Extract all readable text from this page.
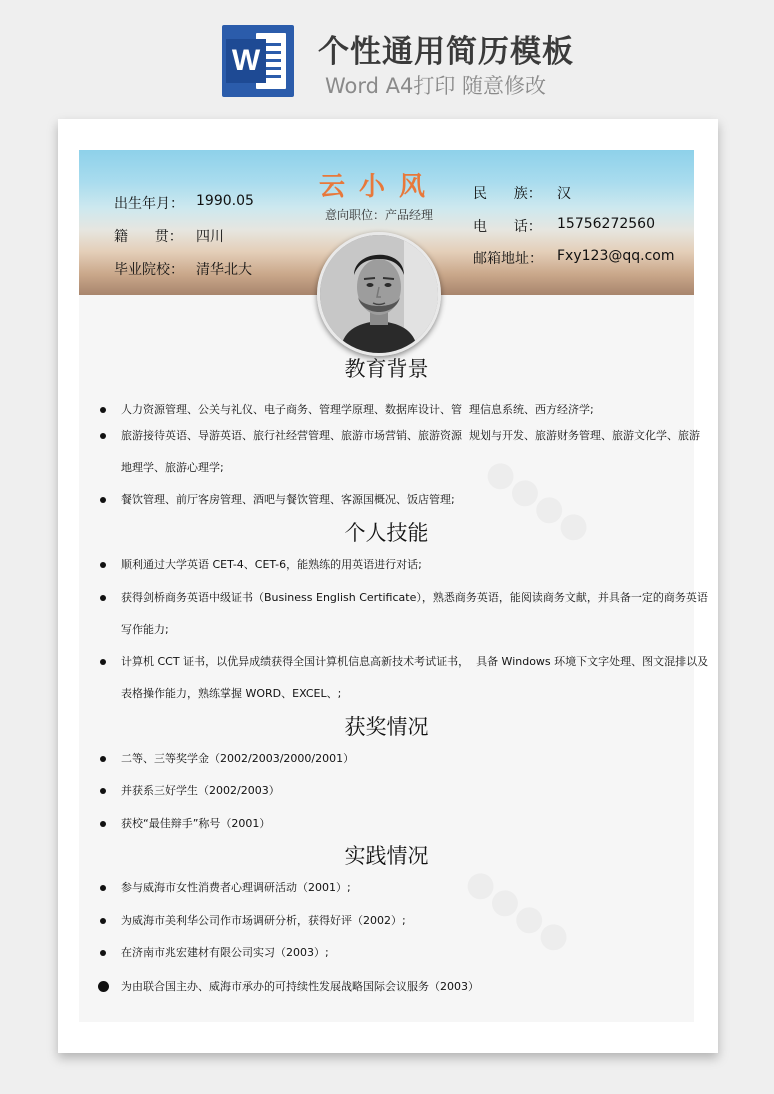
W 个性通用简历模板
Word A4打印 随意修改
出生年月： 1990.05
籍      贯： 四川
毕业院校： 清华北大
云小风
意向职位：产品经理
民      族：	汉
电      话：	15756272560
邮箱地址：	Fxy123@qq.com
教育背景
人力资源管理、公关与礼仪、电子商务、管理学原理、数据库设计、管  理信息系统、西方经济学;
旅游接待英语、导游英语、旅行社经营管理、旅游市场营销、旅游资源  规划与开发、旅游财务管理、旅游文化学、旅游
地理学、旅游心理学;
餐饮管理、前厅客房管理、酒吧与餐饮管理、客源国概况、饭店管理;
个人技能
顺利通过大学英语 CET-4、CET-6，能熟练的用英语进行对话;
获得剑桥商务英语中级证书（Business English Certificate），熟悉商务英语，能阅读商务文献，并具备一定的商务英语
写作能力;
计算机 CCT 证书，以优异成绩获得全国计算机信息高新技术考试证书，  具备 Windows 环境下文字处理、图文混排以及
表格操作能力，熟练掌握 WORD、EXCEL、;
获奖情况
二等、三等奖学金（2002/2003/2000/2001）
并获系三好学生（2002/2003）
获校“最佳辩手”称号（2001）
实践情况
参与威海市女性消费者心理调研活动（2001）;
为威海市美利华公司作市场调研分析，获得好评（2002）;
在济南市兆宏建材有限公司实习（2003）;
为由联合国主办、威海市承办的可持续性发展战略国际会议服务（2003）
